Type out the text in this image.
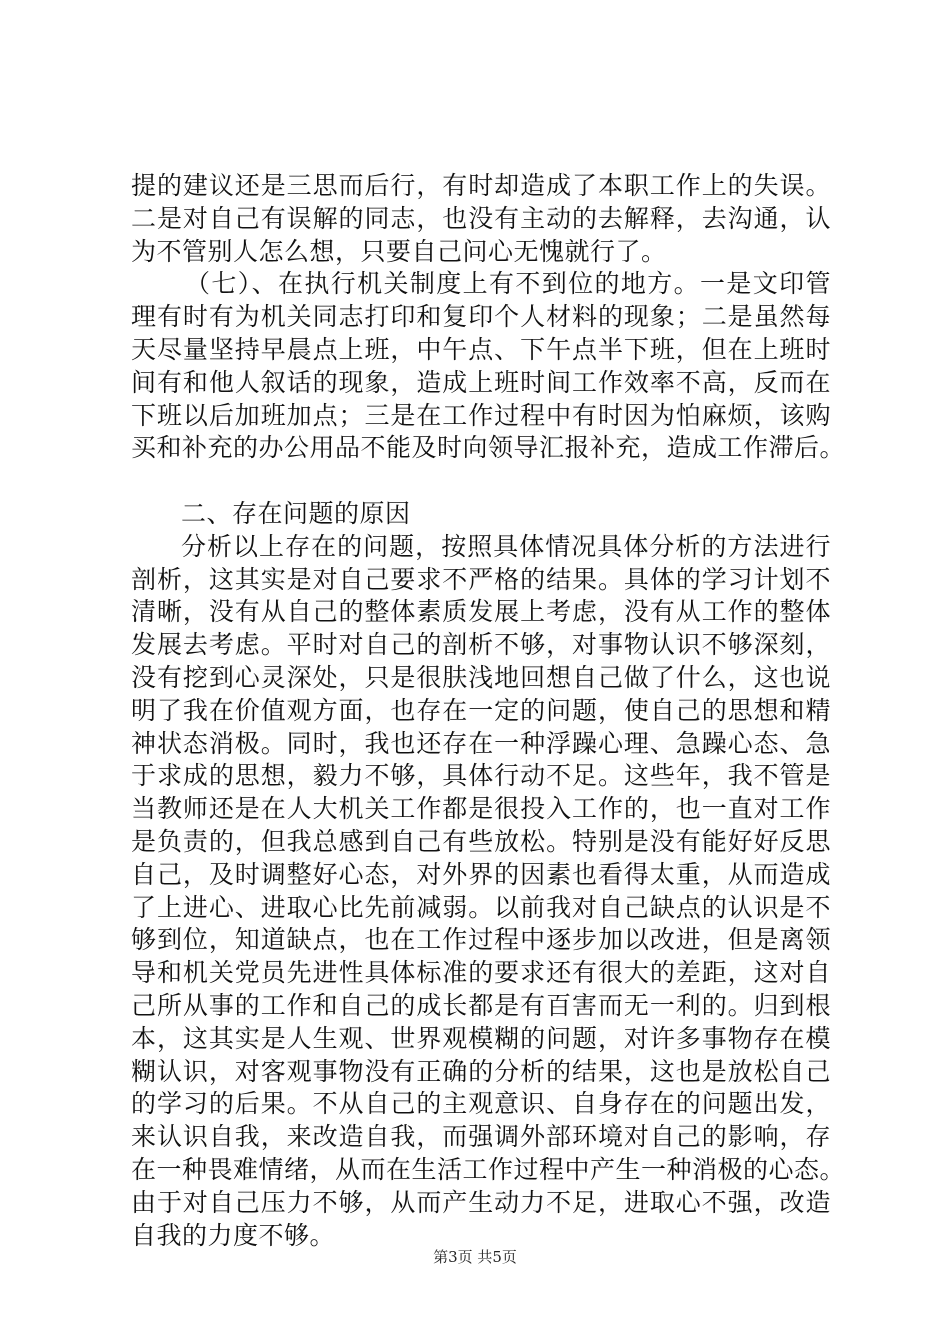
提的建议还是三思而后行，有时却造成了本职工作上的失误。
二是对自己有误解的同志，也没有主动的去解释，去沟通，认
为不管别人怎么想，只要自己问心无愧就行了。
（七）、在执行机关制度上有不到位的地方。一是文印管
理有时有为机关同志打印和复印个人材料的现象；二是虽然每
天尽量坚持早晨点上班，中午点、下午点半下班，但在上班时
间有和他人叙话的现象，造成上班时间工作效率不高，反而在
下班以后加班加点；三是在工作过程中有时因为怕麻烦，该购
买和补充的办公用品不能及时向领导汇报补充，造成工作滞后。
二、存在问题的原因
分析以上存在的问题，按照具体情况具体分析的方法进行
剖析，这其实是对自己要求不严格的结果。具体的学习计划不
清晰，没有从自己的整体素质发展上考虑，没有从工作的整体
发展去考虑。平时对自己的剖析不够，对事物认识不够深刻，
没有挖到心灵深处，只是很肤浅地回想自己做了什么，这也说
明了我在价值观方面，也存在一定的问题，使自己的思想和精
神状态消极。同时，我也还存在一种浮躁心理、急躁心态、急
于求成的思想，毅力不够，具体行动不足。这些年，我不管是
当教师还是在人大机关工作都是很投入工作的，也一直对工作
是负责的，但我总感到自己有些放松。特别是没有能好好反思
自己，及时调整好心态，对外界的因素也看得太重，从而造成
了上进心、进取心比先前减弱。以前我对自己缺点的认识是不
够到位，知道缺点，也在工作过程中逐步加以改进，但是离领
导和机关党员先进性具体标准的要求还有很大的差距，这对自
己所从事的工作和自己的成长都是有百害而无一利的。归到根
本，这其实是人生观、世界观模糊的问题，对许多事物存在模
糊认识，对客观事物没有正确的分析的结果，这也是放松自己
的学习的后果。不从自己的主观意识、自身存在的问题出发，
来认识自我，来改造自我，而强调外部环境对自己的影响，存
在一种畏难情绪，从而在生活工作过程中产生一种消极的心态。
由于对自己压力不够，从而产生动力不足，进取心不强，改造
自我的力度不够。
第3页 共5页
